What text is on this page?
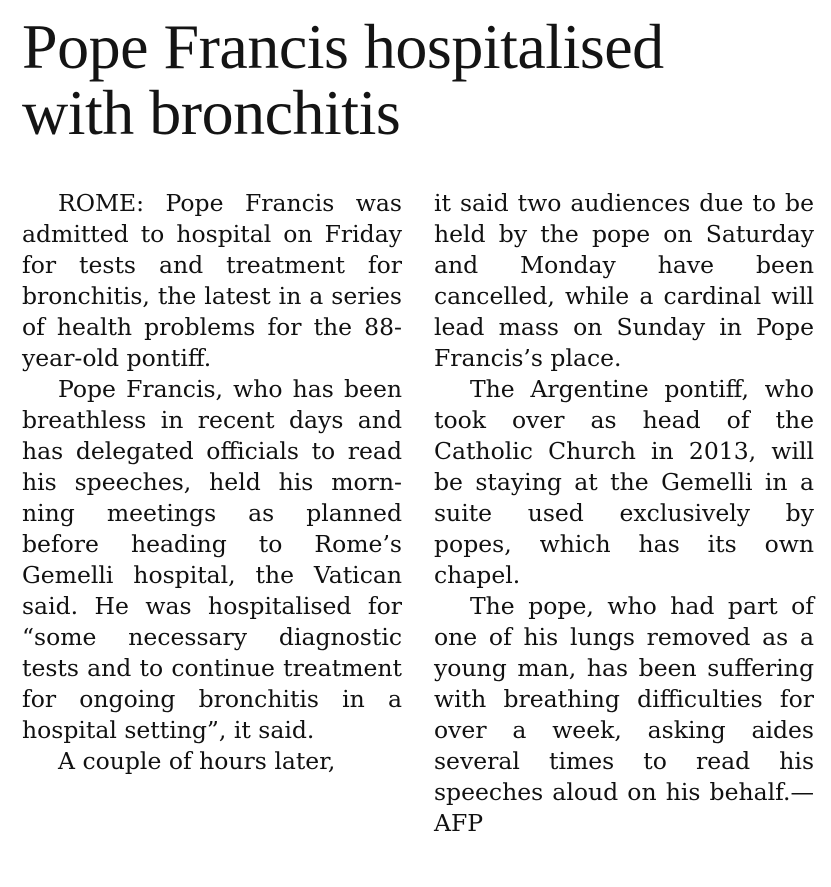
Pope Francis hospitalised
with bronchitis

ROME: Pope Francis was admitted to hospital on Friday for tests and treatment for bronchitis, the latest in a series of health problems for the 88-year-old pontiff.

Pope Francis, who has been breathless in recent days and has delegated officials to read his speeches, held his mornning meetings as planned before heading to Rome’s Gemelli hospital, the Vatican said. He was hospitalised for “some necessary diagnostic tests and to continue treatment for ongoing bronchitis in a hospital setting”, it said.

A couple of hours later,

it said two audiences due to be held by the pope on Saturday and Monday have been cancelled, while a cardinal will lead mass on Sunday in Pope Francis’s place.

The Argentine pontiff, who took over as head of the Catholic Church in 2013, will be staying at the Gemelli in a suite used exclusively by popes, which has its own chapel.

The pope, who had part of one of his lungs removed as a young man, has been suffering with breathing difficulties for over a week, asking aides several times to read his speeches aloud on his behalf.—AFP
